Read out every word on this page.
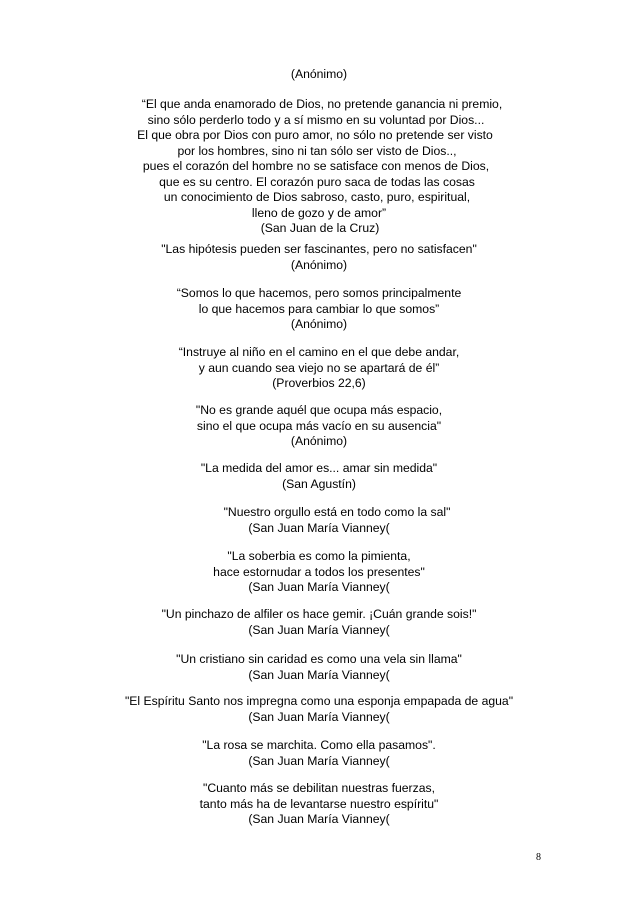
(Anónimo)
“El que anda enamorado de Dios, no pretende ganancia ni premio,
sino sólo perderlo todo y a sí mismo en su voluntad por Dios...
El que obra por Dios con puro amor, no sólo no pretende ser visto
por los hombres, sino ni tan sólo ser visto de Dios..,
pues el corazón del hombre no se satisface con menos de Dios,
que es su centro. El corazón puro saca de todas las cosas
un conocimiento de Dios sabroso, casto, puro, espiritual,
lleno de gozo y de amor”
(San Juan de la Cruz)
"Las hipótesis pueden ser fascinantes, pero no satisfacen"
(Anónimo)
“Somos lo que hacemos, pero somos principalmente
lo que hacemos para cambiar lo que somos”
(Anónimo)
“Instruye al niño en el camino en el que debe andar,
y aun cuando sea viejo no se apartará de él”
(Proverbios 22,6)
"No es grande aquél que ocupa más espacio,
sino el que ocupa más vacío en su ausencia"
(Anónimo)
"La medida del amor es... amar sin medida"
(San Agustín)
"Nuestro orgullo está en todo como la sal"
(San Juan María Vianney(
"La soberbia es como la pimienta,
hace estornudar a todos los presentes"
(San Juan María Vianney(
"Un pinchazo de alfiler os hace gemir. ¡Cuán grande sois!"
(San Juan María Vianney(
"Un cristiano sin caridad es como una vela sin llama"
(San Juan María Vianney(
"El Espíritu Santo nos impregna como una esponja empapada de agua"
(San Juan María Vianney(
"La rosa se marchita. Como ella pasamos".
(San Juan María Vianney(
"Cuanto más se debilitan nuestras fuerzas,
tanto más ha de levantarse nuestro espíritu"
(San Juan María Vianney(
8
